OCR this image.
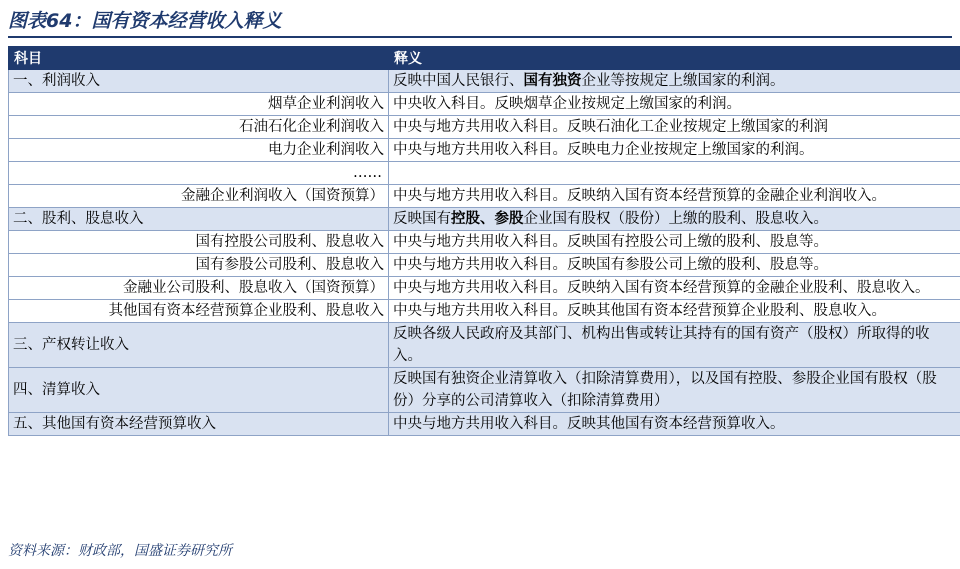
图表64：国有资本经营收入释义
科目	释义
一、利润收入	反映中国人民银行、国有独资企业等按规定上缴国家的利润。
烟草企业利润收入	中央收入科目。反映烟草企业按规定上缴国家的利润。
石油石化企业利润收入	中央与地方共用收入科目。反映石油化工企业按规定上缴国家的利润
电力企业利润收入	中央与地方共用收入科目。反映电力企业按规定上缴国家的利润。
……	
金融企业利润收入（国资预算）	中央与地方共用收入科目。反映纳入国有资本经营预算的金融企业利润收入。
二、股利、股息收入	反映国有控股、参股企业国有股权（股份）上缴的股利、股息收入。
国有控股公司股利、股息收入	中央与地方共用收入科目。反映国有控股公司上缴的股利、股息等。
国有参股公司股利、股息收入	中央与地方共用收入科目。反映国有参股公司上缴的股利、股息等。
金融业公司股利、股息收入（国资预算）	中央与地方共用收入科目。反映纳入国有资本经营预算的金融企业股利、股息收入。
其他国有资本经营预算企业股利、股息收入	中央与地方共用收入科目。反映其他国有资本经营预算企业股利、股息收入。
三、产权转让收入	反映各级人民政府及其部门、机构出售或转让其持有的国有资产（股权）所取得的收入。
四、清算收入	反映国有独资企业清算收入（扣除清算费用），以及国有控股、参股企业国有股权（股份）分享的公司清算收入（扣除清算费用）
五、其他国有资本经营预算收入	中央与地方共用收入科目。反映其他国有资本经营预算收入。
资料来源：财政部，国盛证券研究所
